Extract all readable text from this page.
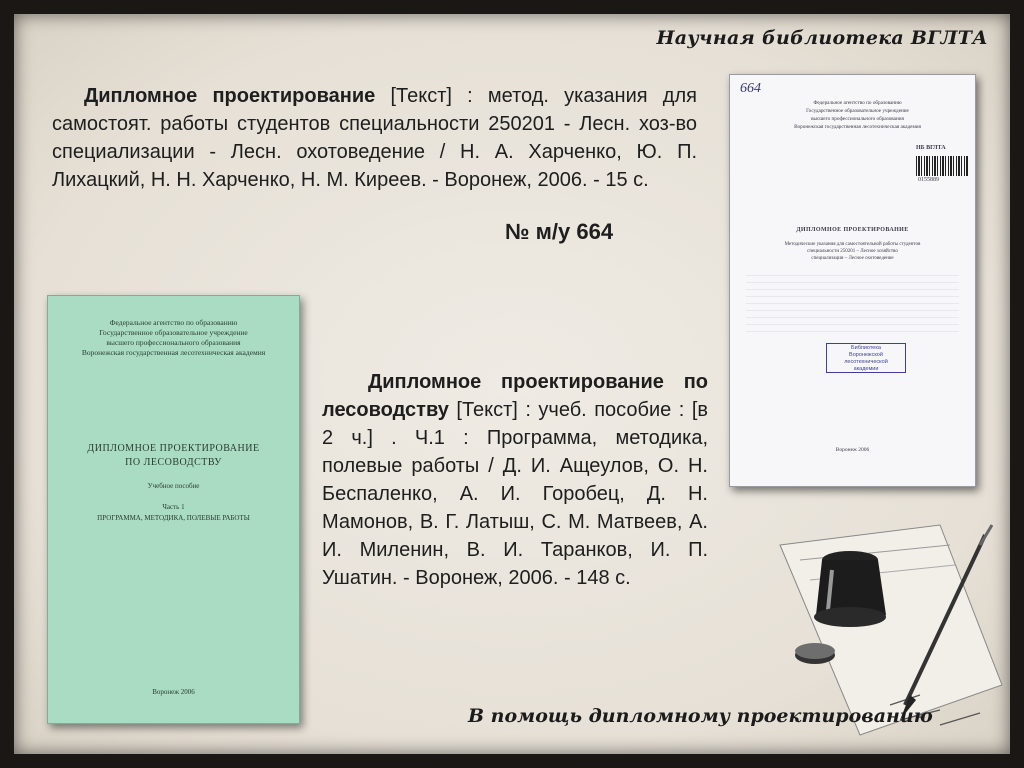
Научная библиотека ВГЛТА
Дипломное проектирование [Текст] : метод. указания для самостоят. работы студентов специальности 250201 - Лесн. хоз-во специализации - Лесн. охотоведение / Н. А. Харченко, Ю. П. Лихацкий, Н. Н. Харченко, Н. М. Киреев. - Воронеж, 2006. - 15 с.
№ м/у 664
Федеральное агентство по образованию
Государственное образовательное учреждение
высшего профессионального образования
Воронежская государственная лесотехническая академия
ДИПЛОМНОЕ ПРОЕКТИРОВАНИЕ
ПО ЛЕСОВОДСТВУ
Учебное пособие
Часть 1
ПРОГРАММА, МЕТОДИКА, ПОЛЕВЫЕ РАБОТЫ
Воронеж 2006
664
Федеральное агентство по образованию
Государственное образовательное учреждение
высшего профессионального образования
Воронежская государственная лесотехническая академия
НБ ВГЛТА
0155889
ДИПЛОМНОЕ ПРОЕКТИРОВАНИЕ
Методические указания для самостоятельной работы студентов
специальности 250201 – Лесное хозяйство
специализации – Лесное охотоведение
Библиотека
Воронежской
лесотехнической
академии
Воронеж 2006
Дипломное проектирование по лесоводству [Текст] : учеб. пособие : [в 2 ч.] . Ч.1 : Программа, методика, полевые работы / Д. И. Ащеулов, О. Н. Беспаленко, А. И. Горобец, Д. Н. Мамонов, В. Г. Латыш, С. М. Матвеев, А. И. Миленин, В. И. Таранков, И. П. Ушатин. - Воронеж, 2006. - 148 с.
В помощь дипломному проектированию
